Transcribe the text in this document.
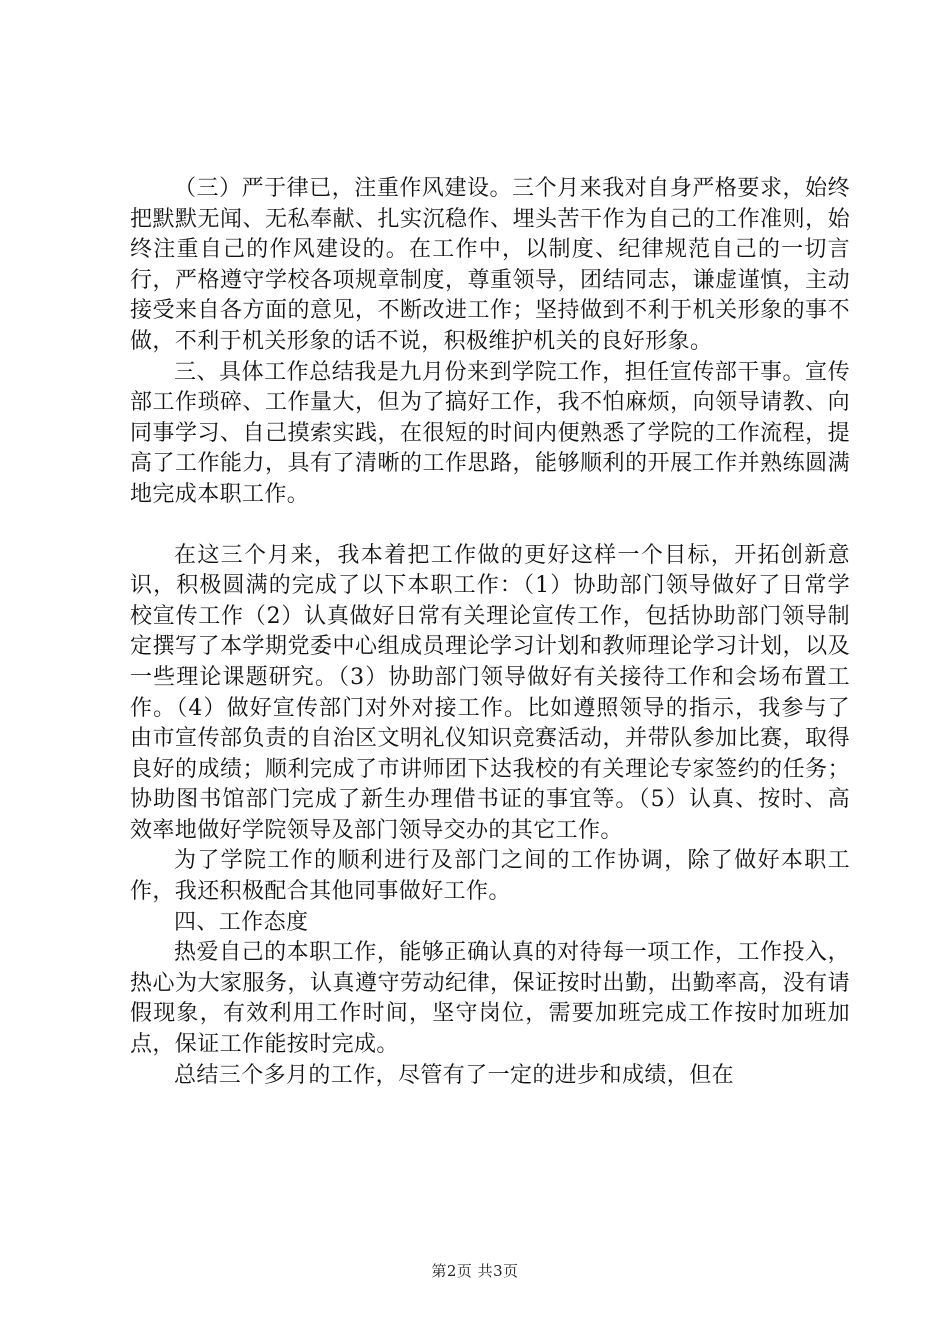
（三）严于律已，注重作风建设。三个月来我对自身严格要求，始终把默默无闻、无私奉献、扎实沉稳作、埋头苦干作为自己的工作准则，始终注重自己的作风建设的。在工作中，以制度、纪律规范自己的一切言行，严格遵守学校各项规章制度，尊重领导，团结同志，谦虚谨慎，主动接受来自各方面的意见，不断改进工作；坚持做到不利于机关形象的事不做，不利于机关形象的话不说，积极维护机关的良好形象。

三、具体工作总结我是九月份来到学院工作，担任宣传部干事。宣传部工作琐碎、工作量大，但为了搞好工作，我不怕麻烦，向领导请教、向同事学习、自己摸索实践，在很短的时间内便熟悉了学院的工作流程，提高了工作能力，具有了清晰的工作思路，能够顺利的开展工作并熟练圆满地完成本职工作。

在这三个月来，我本着把工作做的更好这样一个目标，开拓创新意识，积极圆满的完成了以下本职工作：（1）协助部门领导做好了日常学校宣传工作（2）认真做好日常有关理论宣传工作，包括协助部门领导制定撰写了本学期党委中心组成员理论学习计划和教师理论学习计划，以及一些理论课题研究。（3）协助部门领导做好有关接待工作和会场布置工作。（4）做好宣传部门对外对接工作。比如遵照领导的指示，我参与了由市宣传部负责的自治区文明礼仪知识竞赛活动，并带队参加比赛，取得良好的成绩；顺利完成了市讲师团下达我校的有关理论专家签约的任务；协助图书馆部门完成了新生办理借书证的事宜等。（5）认真、按时、高效率地做好学院领导及部门领导交办的其它工作。

为了学院工作的顺利进行及部门之间的工作协调，除了做好本职工作，我还积极配合其他同事做好工作。

四、工作态度

热爱自己的本职工作，能够正确认真的对待每一项工作，工作投入，热心为大家服务，认真遵守劳动纪律，保证按时出勤，出勤率高，没有请假现象，有效利用工作时间，坚守岗位，需要加班完成工作按时加班加点，保证工作能按时完成。

总结三个多月的工作，尽管有了一定的进步和成绩，但在

第2页 共3页
